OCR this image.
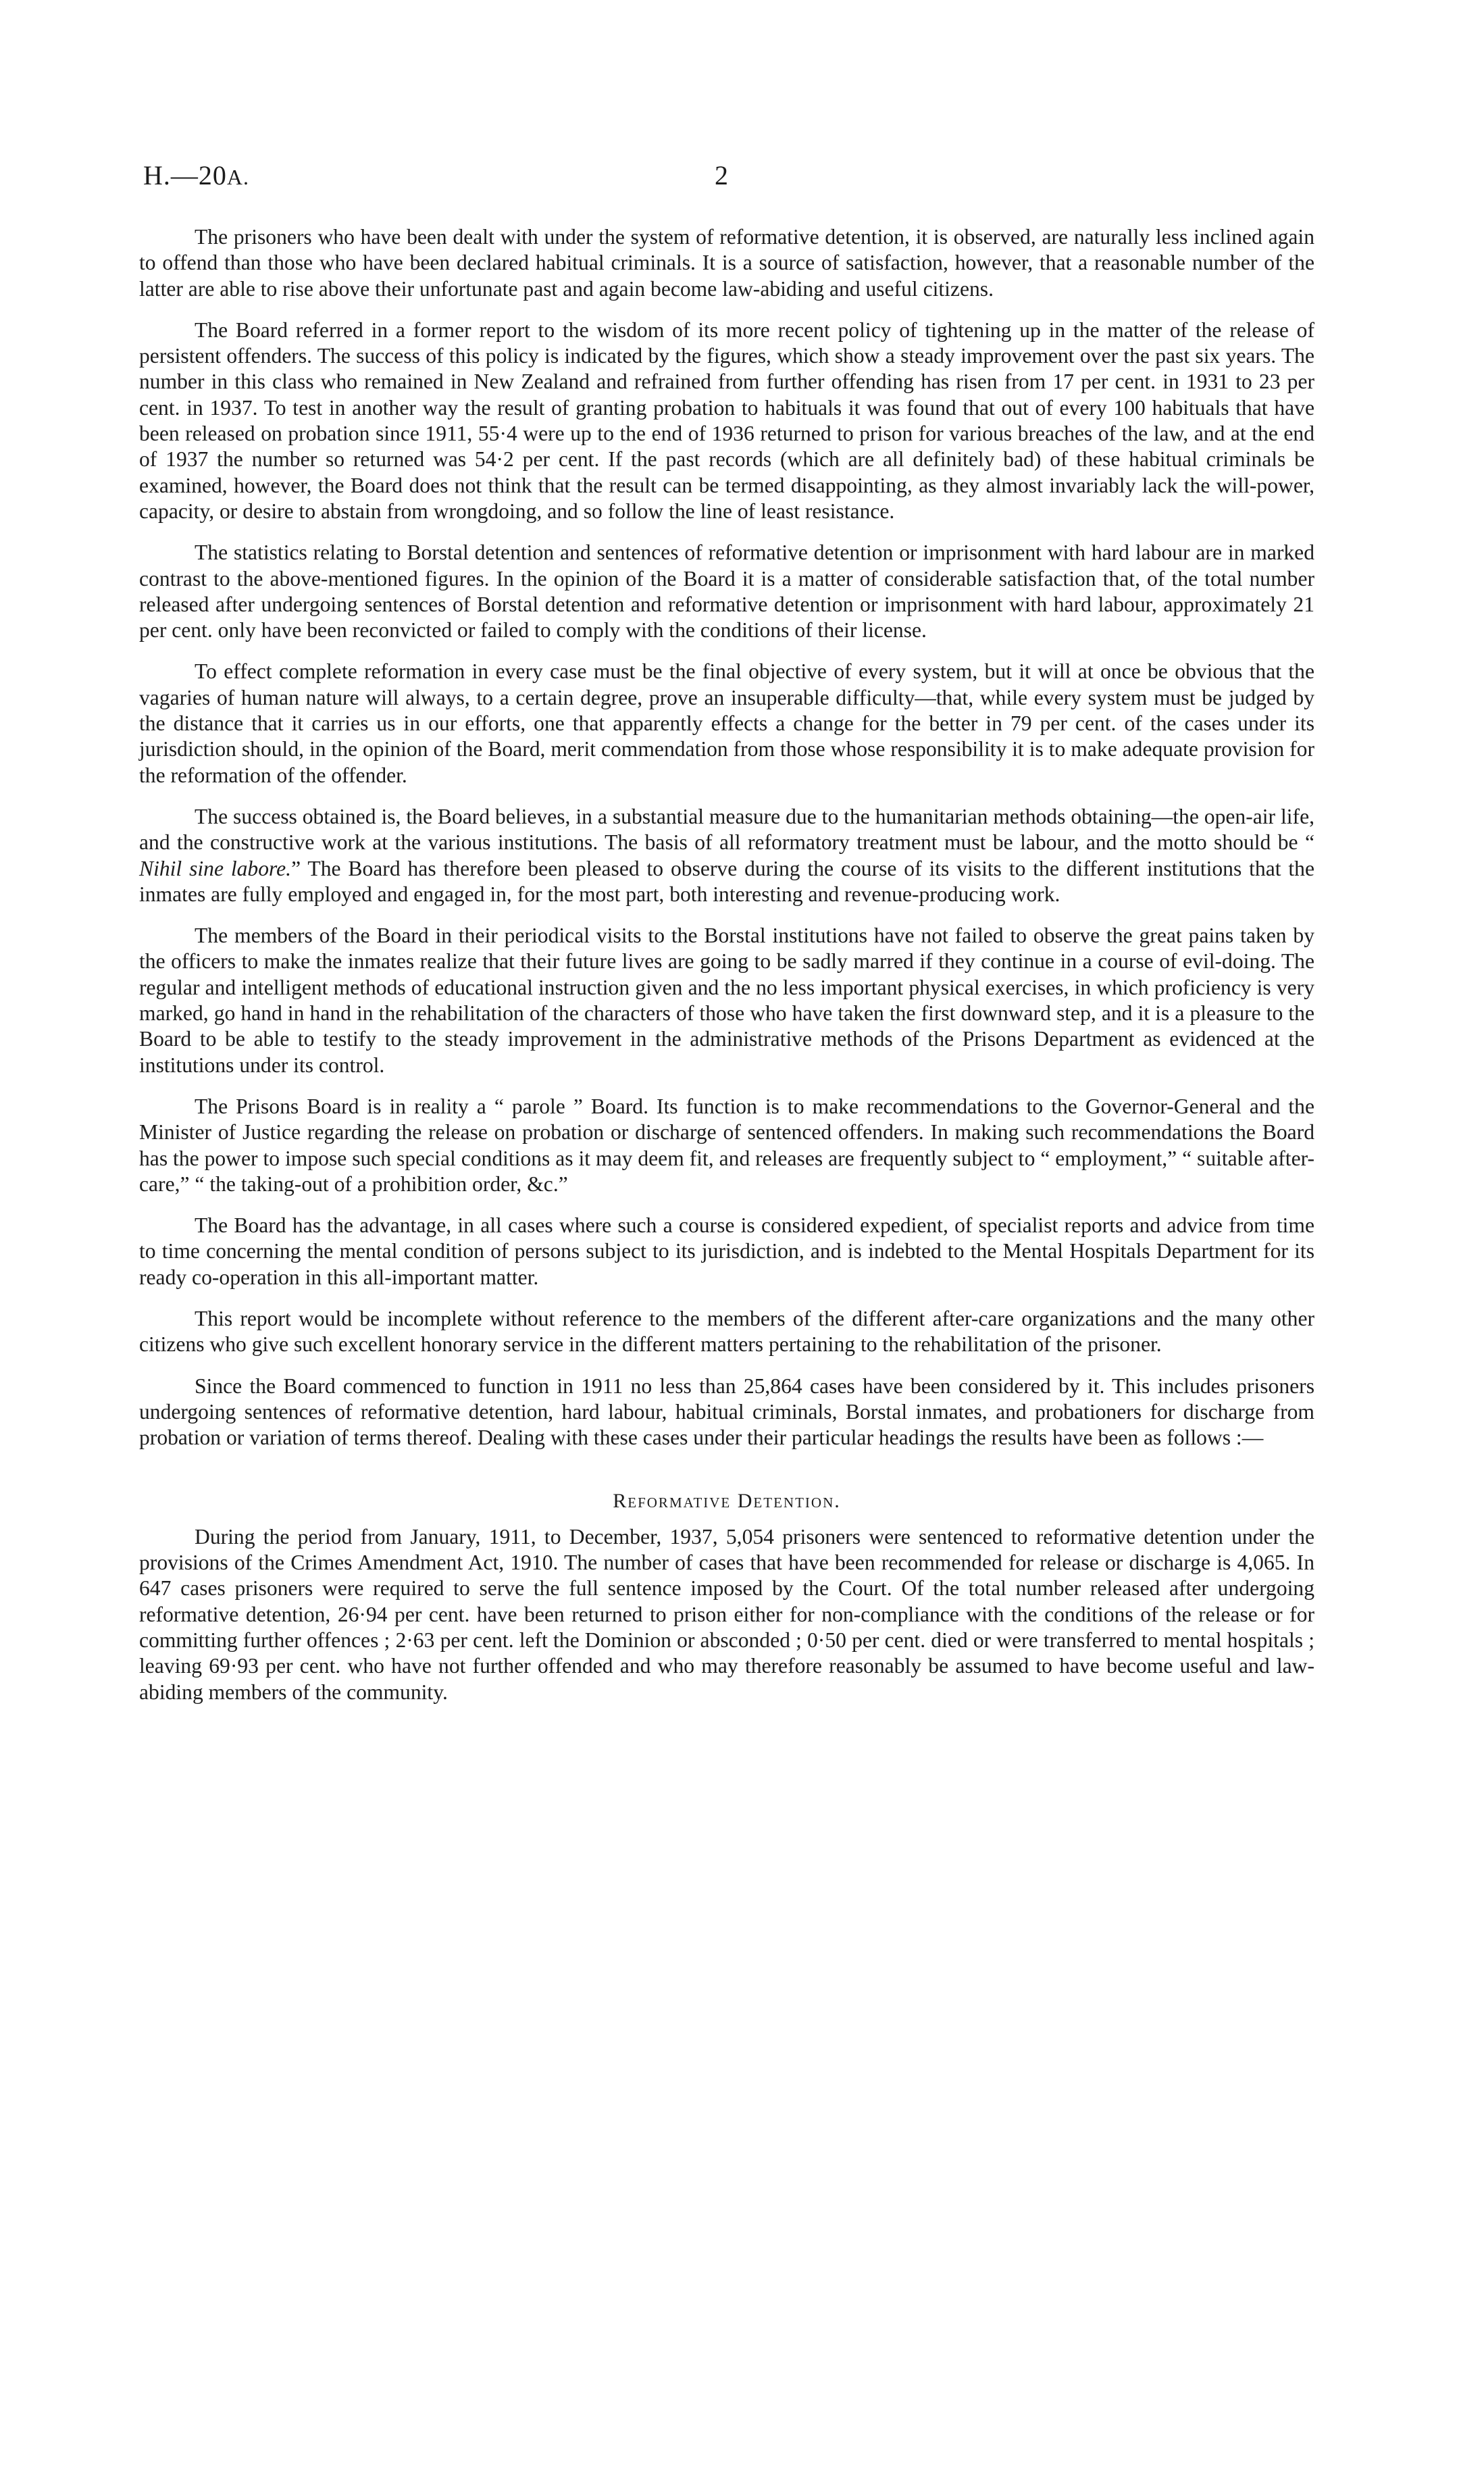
H.—20A.	2

The prisoners who have been dealt with under the system of reformative detention, it is observed, are naturally less inclined again to offend than those who have been declared habitual criminals. It is a source of satisfaction, however, that a reasonable number of the latter are able to rise above their unfortunate past and again become law-abiding and useful citizens.

The Board referred in a former report to the wisdom of its more recent policy of tightening up in the matter of the release of persistent offenders. The success of this policy is indicated by the figures, which show a steady improvement over the past six years. The number in this class who remained in New Zealand and refrained from further offending has risen from 17 per cent. in 1931 to 23 per cent. in 1937. To test in another way the result of granting probation to habituals it was found that out of every 100 habituals that have been released on probation since 1911, 55·4 were up to the end of 1936 returned to prison for various breaches of the law, and at the end of 1937 the number so returned was 54·2 per cent. If the past records (which are all definitely bad) of these habitual criminals be examined, however, the Board does not think that the result can be termed disappointing, as they almost invariably lack the will-power, capacity, or desire to abstain from wrongdoing, and so follow the line of least resistance.

The statistics relating to Borstal detention and sentences of reformative detention or imprisonment with hard labour are in marked contrast to the above-mentioned figures. In the opinion of the Board it is a matter of considerable satisfaction that, of the total number released after undergoing sentences of Borstal detention and reformative detention or imprisonment with hard labour, approximately 21 per cent. only have been reconvicted or failed to comply with the conditions of their license.

To effect complete reformation in every case must be the final objective of every system, but it will at once be obvious that the vagaries of human nature will always, to a certain degree, prove an insuperable difficulty—that, while every system must be judged by the distance that it carries us in our efforts, one that apparently effects a change for the better in 79 per cent. of the cases under its jurisdiction should, in the opinion of the Board, merit commendation from those whose responsibility it is to make adequate provision for the reformation of the offender.

The success obtained is, the Board believes, in a substantial measure due to the humanitarian methods obtaining—the open-air life, and the constructive work at the various institutions. The basis of all reformatory treatment must be labour, and the motto should be “ Nihil sine labore.” The Board has therefore been pleased to observe during the course of its visits to the different institutions that the inmates are fully employed and engaged in, for the most part, both interesting and revenue-producing work.

The members of the Board in their periodical visits to the Borstal institutions have not failed to observe the great pains taken by the officers to make the inmates realize that their future lives are going to be sadly marred if they continue in a course of evil-doing. The regular and intelligent methods of educational instruction given and the no less important physical exercises, in which proficiency is very marked, go hand in hand in the rehabilitation of the characters of those who have taken the first downward step, and it is a pleasure to the Board to be able to testify to the steady improvement in the administrative methods of the Prisons Department as evidenced at the institutions under its control.

The Prisons Board is in reality a “ parole ” Board. Its function is to make recommendations to the Governor-General and the Minister of Justice regarding the release on probation or discharge of sentenced offenders. In making such recommendations the Board has the power to impose such special conditions as it may deem fit, and releases are frequently subject to “ employment,” “ suitable after-care,” “ the taking-out of a prohibition order, &c.”

The Board has the advantage, in all cases where such a course is considered expedient, of specialist reports and advice from time to time concerning the mental condition of persons subject to its jurisdiction, and is indebted to the Mental Hospitals Department for its ready co-operation in this all-important matter.

This report would be incomplete without reference to the members of the different after-care organizations and the many other citizens who give such excellent honorary service in the different matters pertaining to the rehabilitation of the prisoner.

Since the Board commenced to function in 1911 no less than 25,864 cases have been considered by it. This includes prisoners undergoing sentences of reformative detention, hard labour, habitual criminals, Borstal inmates, and probationers for discharge from probation or variation of terms thereof. Dealing with these cases under their particular headings the results have been as follows :—

Reformative Detention.

During the period from January, 1911, to December, 1937, 5,054 prisoners were sentenced to reformative detention under the provisions of the Crimes Amendment Act, 1910. The number of cases that have been recommended for release or discharge is 4,065. In 647 cases prisoners were required to serve the full sentence imposed by the Court. Of the total number released after undergoing reformative detention, 26·94 per cent. have been returned to prison either for non-compliance with the conditions of the release or for committing further offences ; 2·63 per cent. left the Dominion or absconded ; 0·50 per cent. died or were transferred to mental hospitals ; leaving 69·93 per cent. who have not further offended and who may therefore reasonably be assumed to have become useful and law-abiding members of the community.
